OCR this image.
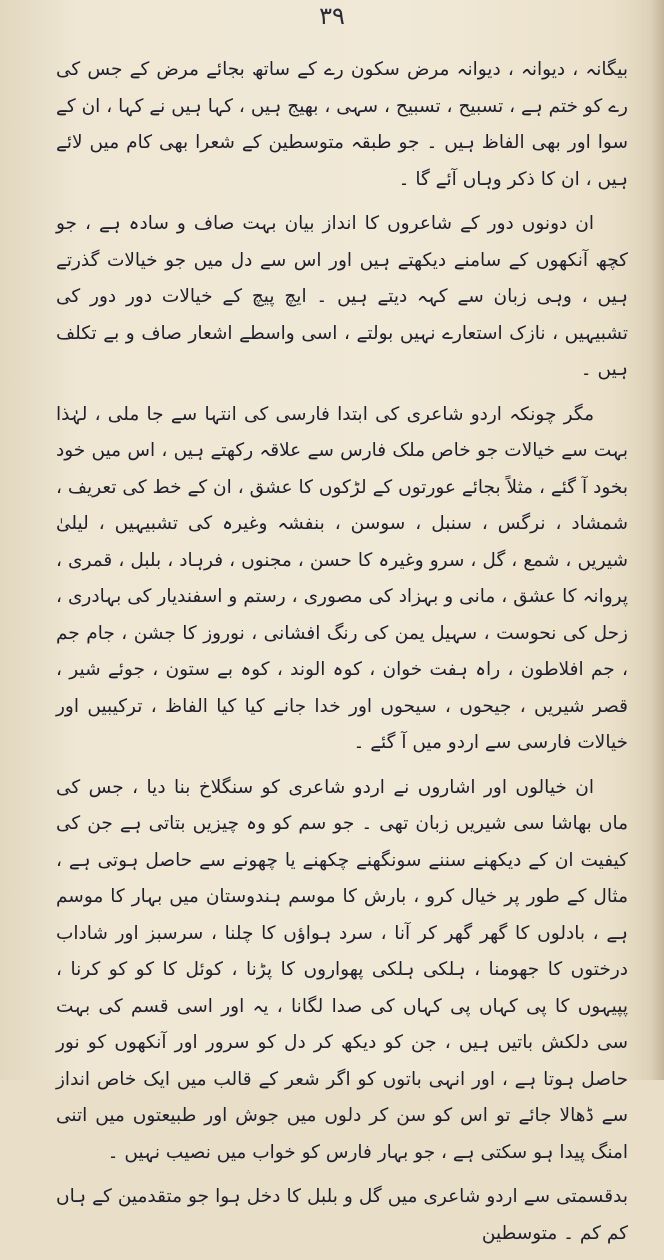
۳۹

بیگانہ ، دیوانہ ، دیوانہ مرض سکون رے کے ساتھ بجائے مرض کے جس کی رے کو ختم ہے ، تسبیح ، تسبیح ، سہی ، بھیج ہیں ، کہا ہیں نے کہا ، ان کے سوا اور بھی الفاظ ہیں ۔ جو طبقہ متوسطین کے شعرا بھی کام میں لائے ہیں ، ان کا ذکر وہاں آئے گا ۔

ان دونوں دور کے شاعروں کا انداز بیان بہت صاف و سادہ ہے ، جو کچھ آنکھوں کے سامنے دیکھتے ہیں اور اس سے دل میں جو خیالات گذرتے ہیں ، وہی زبان سے کہہ دیتے ہیں ۔ ایچ پیچ کے خیالات دور دور کی تشبیہیں ، نازک استعارے نہیں بولتے ، اسی واسطے اشعار صاف و بے تکلف ہیں ۔

مگر چونکہ اردو شاعری کی ابتدا فارسی کی انتہا سے جا ملی ، لہٰذا بہت سے خیالات جو خاص ملک فارس سے علاقہ رکھتے ہیں ، اس میں خود بخود آ گئے ، مثلاً بجائے عورتوں کے لڑکوں کا عشق ، ان کے خط کی تعریف ، شمشاد ، نرگس ، سنبل ، سوسن ، بنفشہ وغیرہ کی تشبیہیں ، لیلیٰ شیریں ، شمع ، گل ، سرو وغیرہ کا حسن ، مجنوں ، فرہاد ، بلبل ، قمری ، پروانہ کا عشق ، مانی و بہزاد کی مصوری ، رستم و اسفندیار کی بہادری ، زحل کی نحوست ، سہیل یمن کی رنگ افشانی ، نوروز کا جشن ، جام جم ، جم افلاطون ، راہ ہفت خوان ، کوہ الوند ، کوہ بے ستون ، جوئے شیر ، قصر شیریں ، جیحوں ، سیحوں اور خدا جانے کیا کیا الفاظ ، ترکیبیں اور خیالات فارسی سے اردو میں آ گئے ۔

ان خیالوں اور اشاروں نے اردو شاعری کو سنگلاخ بنا دیا ، جس کی ماں بھاشا سی شیریں زبان تھی ۔ جو سم کو وہ چیزیں بتاتی ہے جن کی کیفیت ان کے دیکھنے سننے سونگھنے چکھنے یا چھونے سے حاصل ہوتی ہے ، مثال کے طور پر خیال کرو ، بارش کا موسم ہندوستان میں بہار کا موسم ہے ، بادلوں کا گھر گھر کر آنا ، سرد ہواؤں کا چلنا ، سرسبز اور شاداب درختوں کا جھومنا ، ہلکی ہلکی پھواروں کا پڑنا ، کوئل کا کو کو کرنا ، پپیہوں کا پی کہاں پی کہاں کی صدا لگانا ، یہ اور اسی قسم کی بہت سی دلکش باتیں ہیں ، جن کو دیکھ کر دل کو سرور اور آنکھوں کو نور حاصل ہوتا ہے ، اور انہی باتوں کو اگر شعر کے قالب میں ایک خاص انداز سے ڈھالا جائے تو اس کو سن کر دلوں میں جوش اور طبیعتوں میں اتنی امنگ پیدا ہو سکتی ہے ، جو بہار فارس کو خواب میں نصیب نہیں ۔

بدقسمتی سے اردو شاعری میں گل و بلبل کا دخل ہوا جو متقدمین کے ہاں کم کم ۔ متوسطین
